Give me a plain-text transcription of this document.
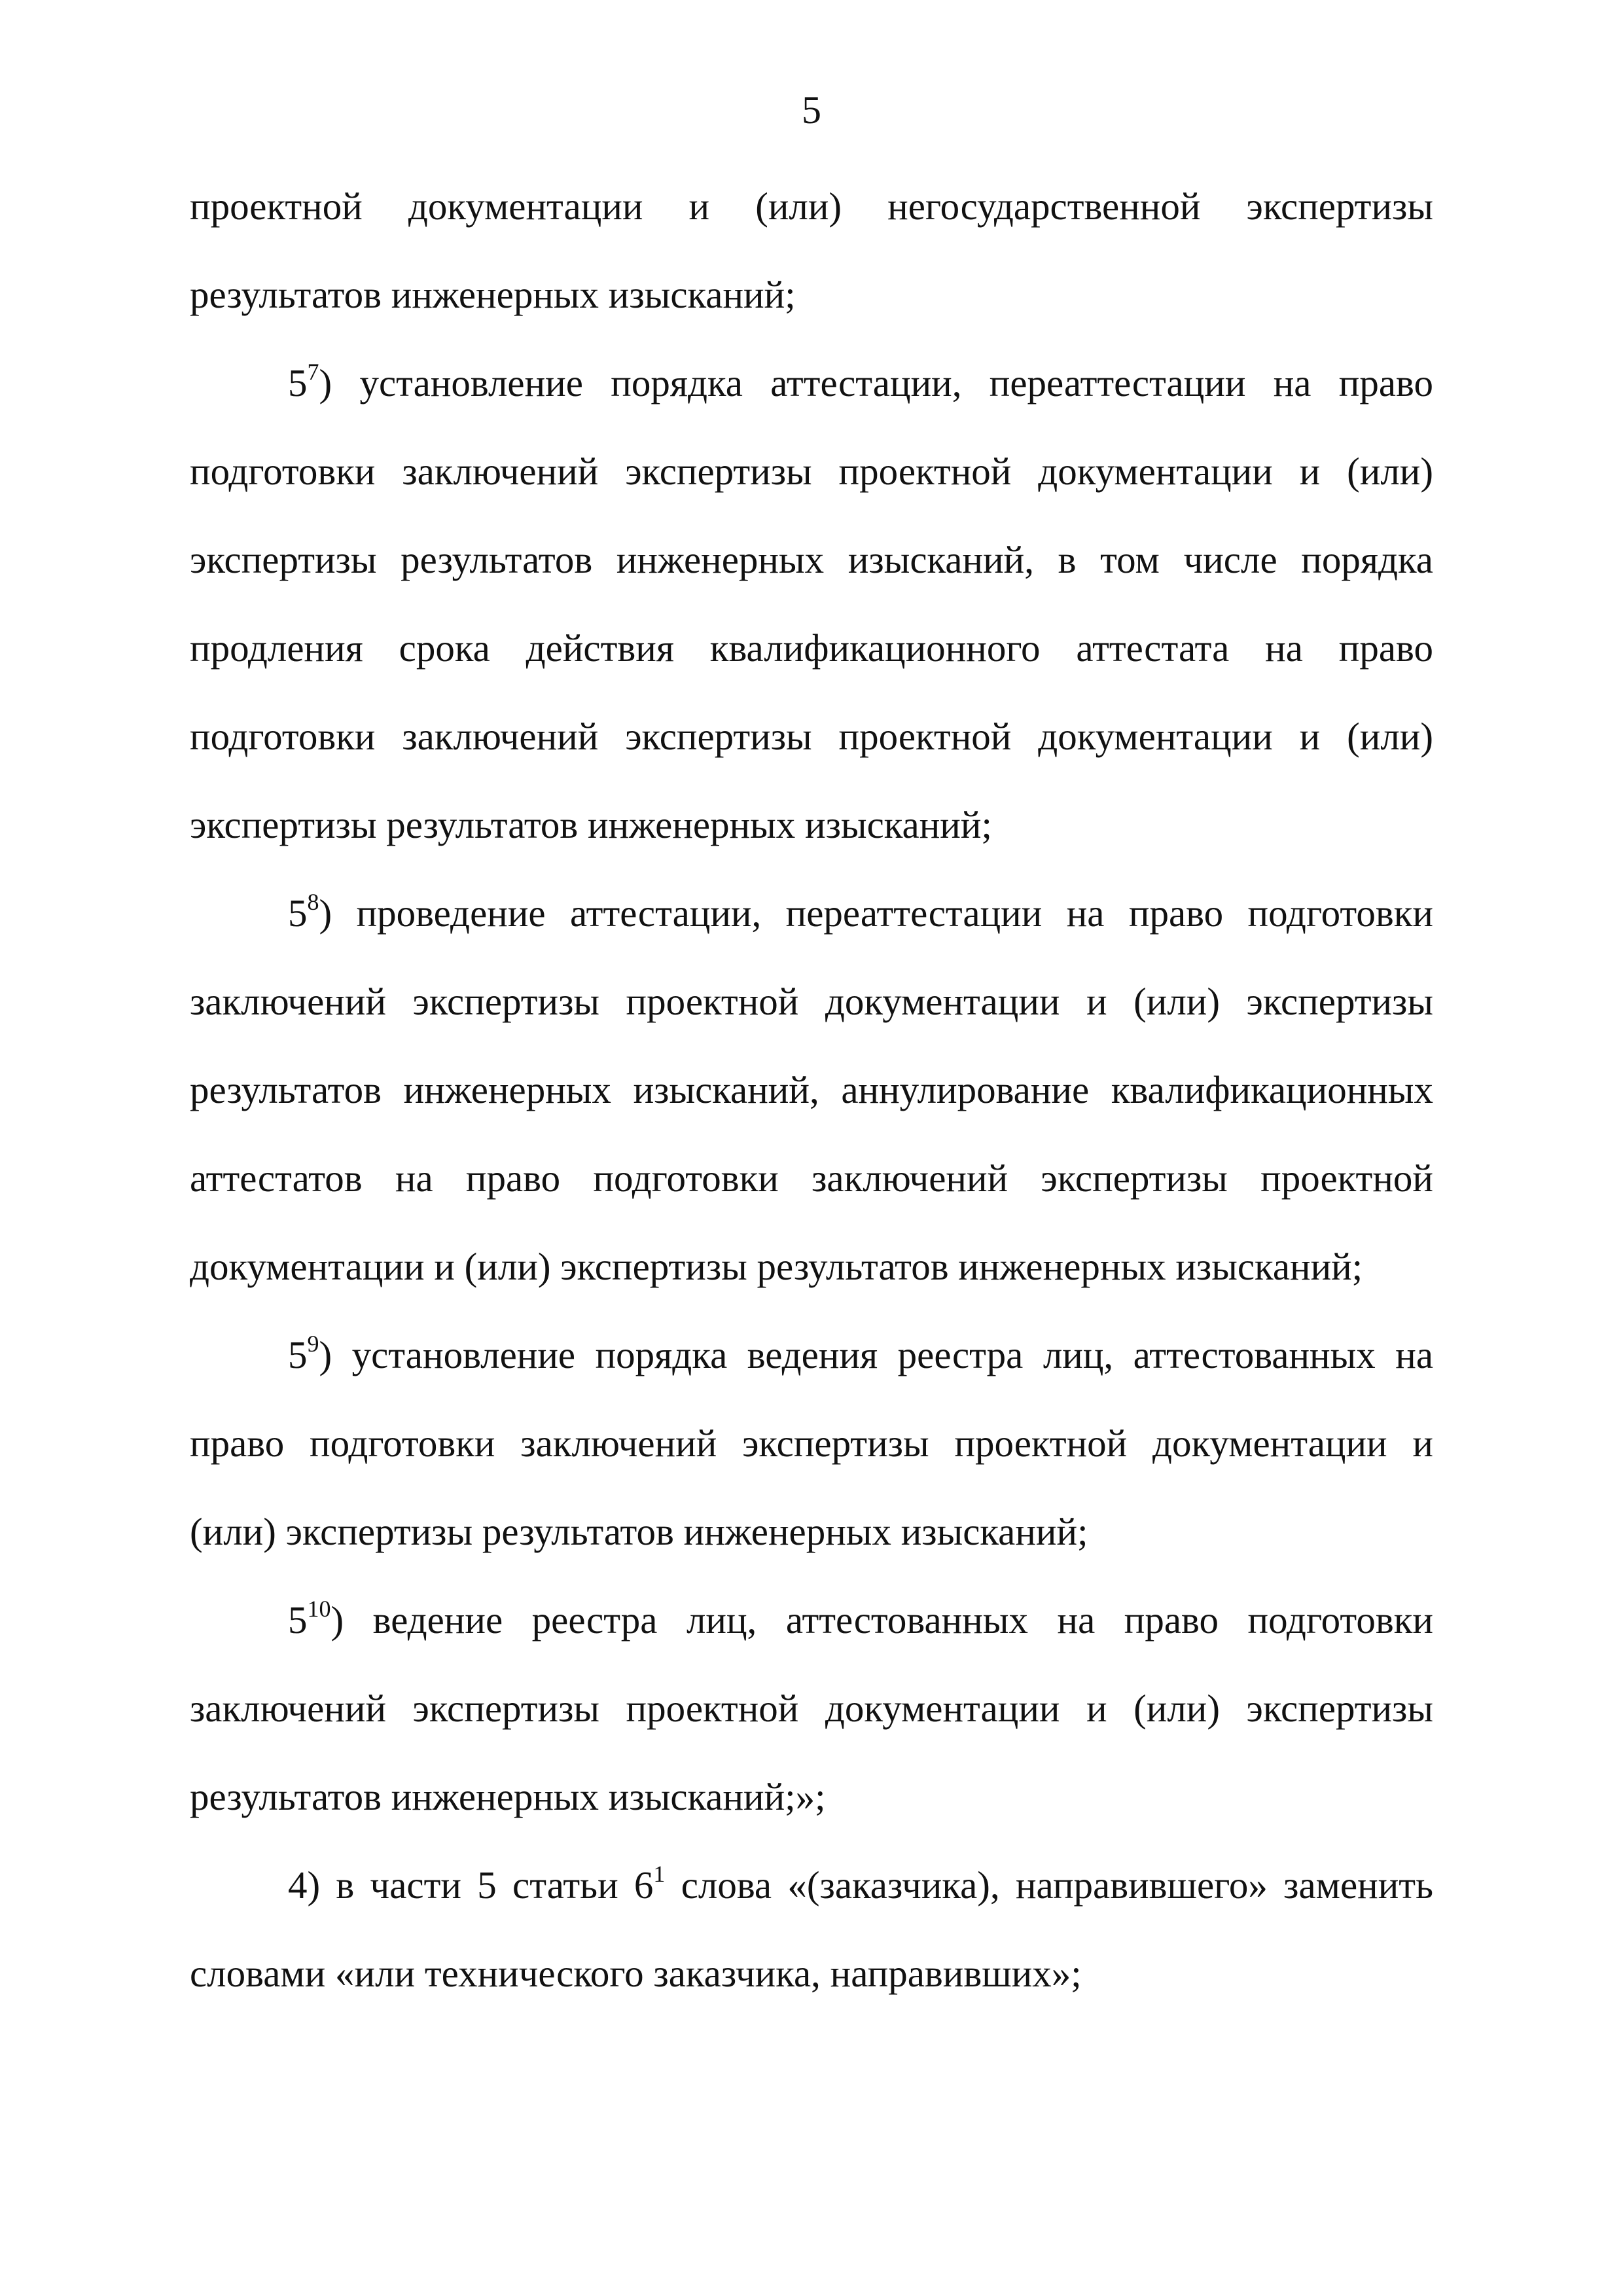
5

проектной документации и (или) негосударственной экспертизы результатов инженерных изысканий;

$5^7$) установление порядка аттестации, переаттестации на право подготовки заключений экспертизы проектной документации и (или) экспертизы результатов инженерных изысканий, в том числе порядка продления срока действия квалификационного аттестата на право подготовки заключений экспертизы проектной документации и (или) экспертизы результатов инженерных изысканий;

$5^8$) проведение аттестации, переаттестации на право подготовки заключений экспертизы проектной документации и (или) экспертизы результатов инженерных изысканий, аннулирование квалификационных аттестатов на право подготовки заключений экспертизы проектной документации и (или) экспертизы результатов инженерных изысканий;

$5^9$) установление порядка ведения реестра лиц, аттестованных на право подготовки заключений экспертизы проектной документации и (или) экспертизы результатов инженерных изысканий;

$5^{10}$) ведение реестра лиц, аттестованных на право подготовки заключений экспертизы проектной документации и (или) экспертизы результатов инженерных изысканий;»;

4) в части 5 статьи $6^1$ слова «(заказчика), направившего» заменить словами «или технического заказчика, направивших»;
